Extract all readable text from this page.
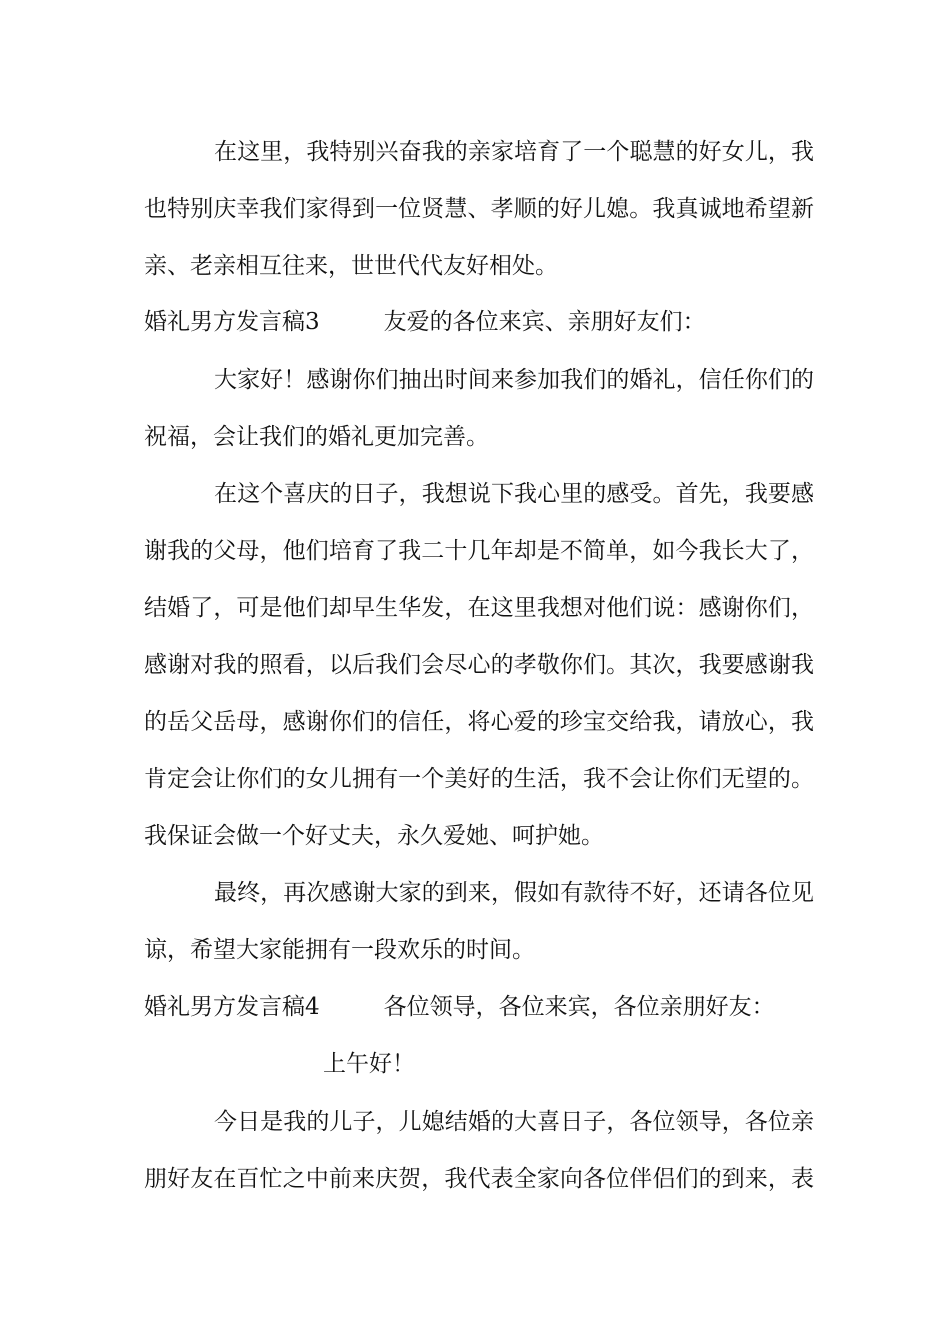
在这里，我特别兴奋我的亲家培育了一个聪慧的好女儿，我
也特别庆幸我们家得到一位贤慧、孝顺的好儿媳。我真诚地希望新
亲、老亲相互往来，世世代代友好相处。
婚礼男方发言稿3	友爱的各位来宾、亲朋好友们：
大家好！感谢你们抽出时间来参加我们的婚礼，信任你们的
祝福，会让我们的婚礼更加完善。
在这个喜庆的日子，我想说下我心里的感受。首先，我要感
谢我的父母，他们培育了我二十几年却是不简单，如今我长大了，
结婚了，可是他们却早生华发，在这里我想对他们说：感谢你们，
感谢对我的照看，以后我们会尽心的孝敬你们。其次，我要感谢我
的岳父岳母，感谢你们的信任，将心爱的珍宝交给我，请放心，我
肯定会让你们的女儿拥有一个美好的生活，我不会让你们无望的。
我保证会做一个好丈夫，永久爱她、呵护她。
最终，再次感谢大家的到来，假如有款待不好，还请各位见
谅，希望大家能拥有一段欢乐的时间。
婚礼男方发言稿4	各位领导，各位来宾，各位亲朋好友：
上午好！
今日是我的儿子，儿媳结婚的大喜日子，各位领导，各位亲
朋好友在百忙之中前来庆贺，我代表全家向各位伴侣们的到来，表
